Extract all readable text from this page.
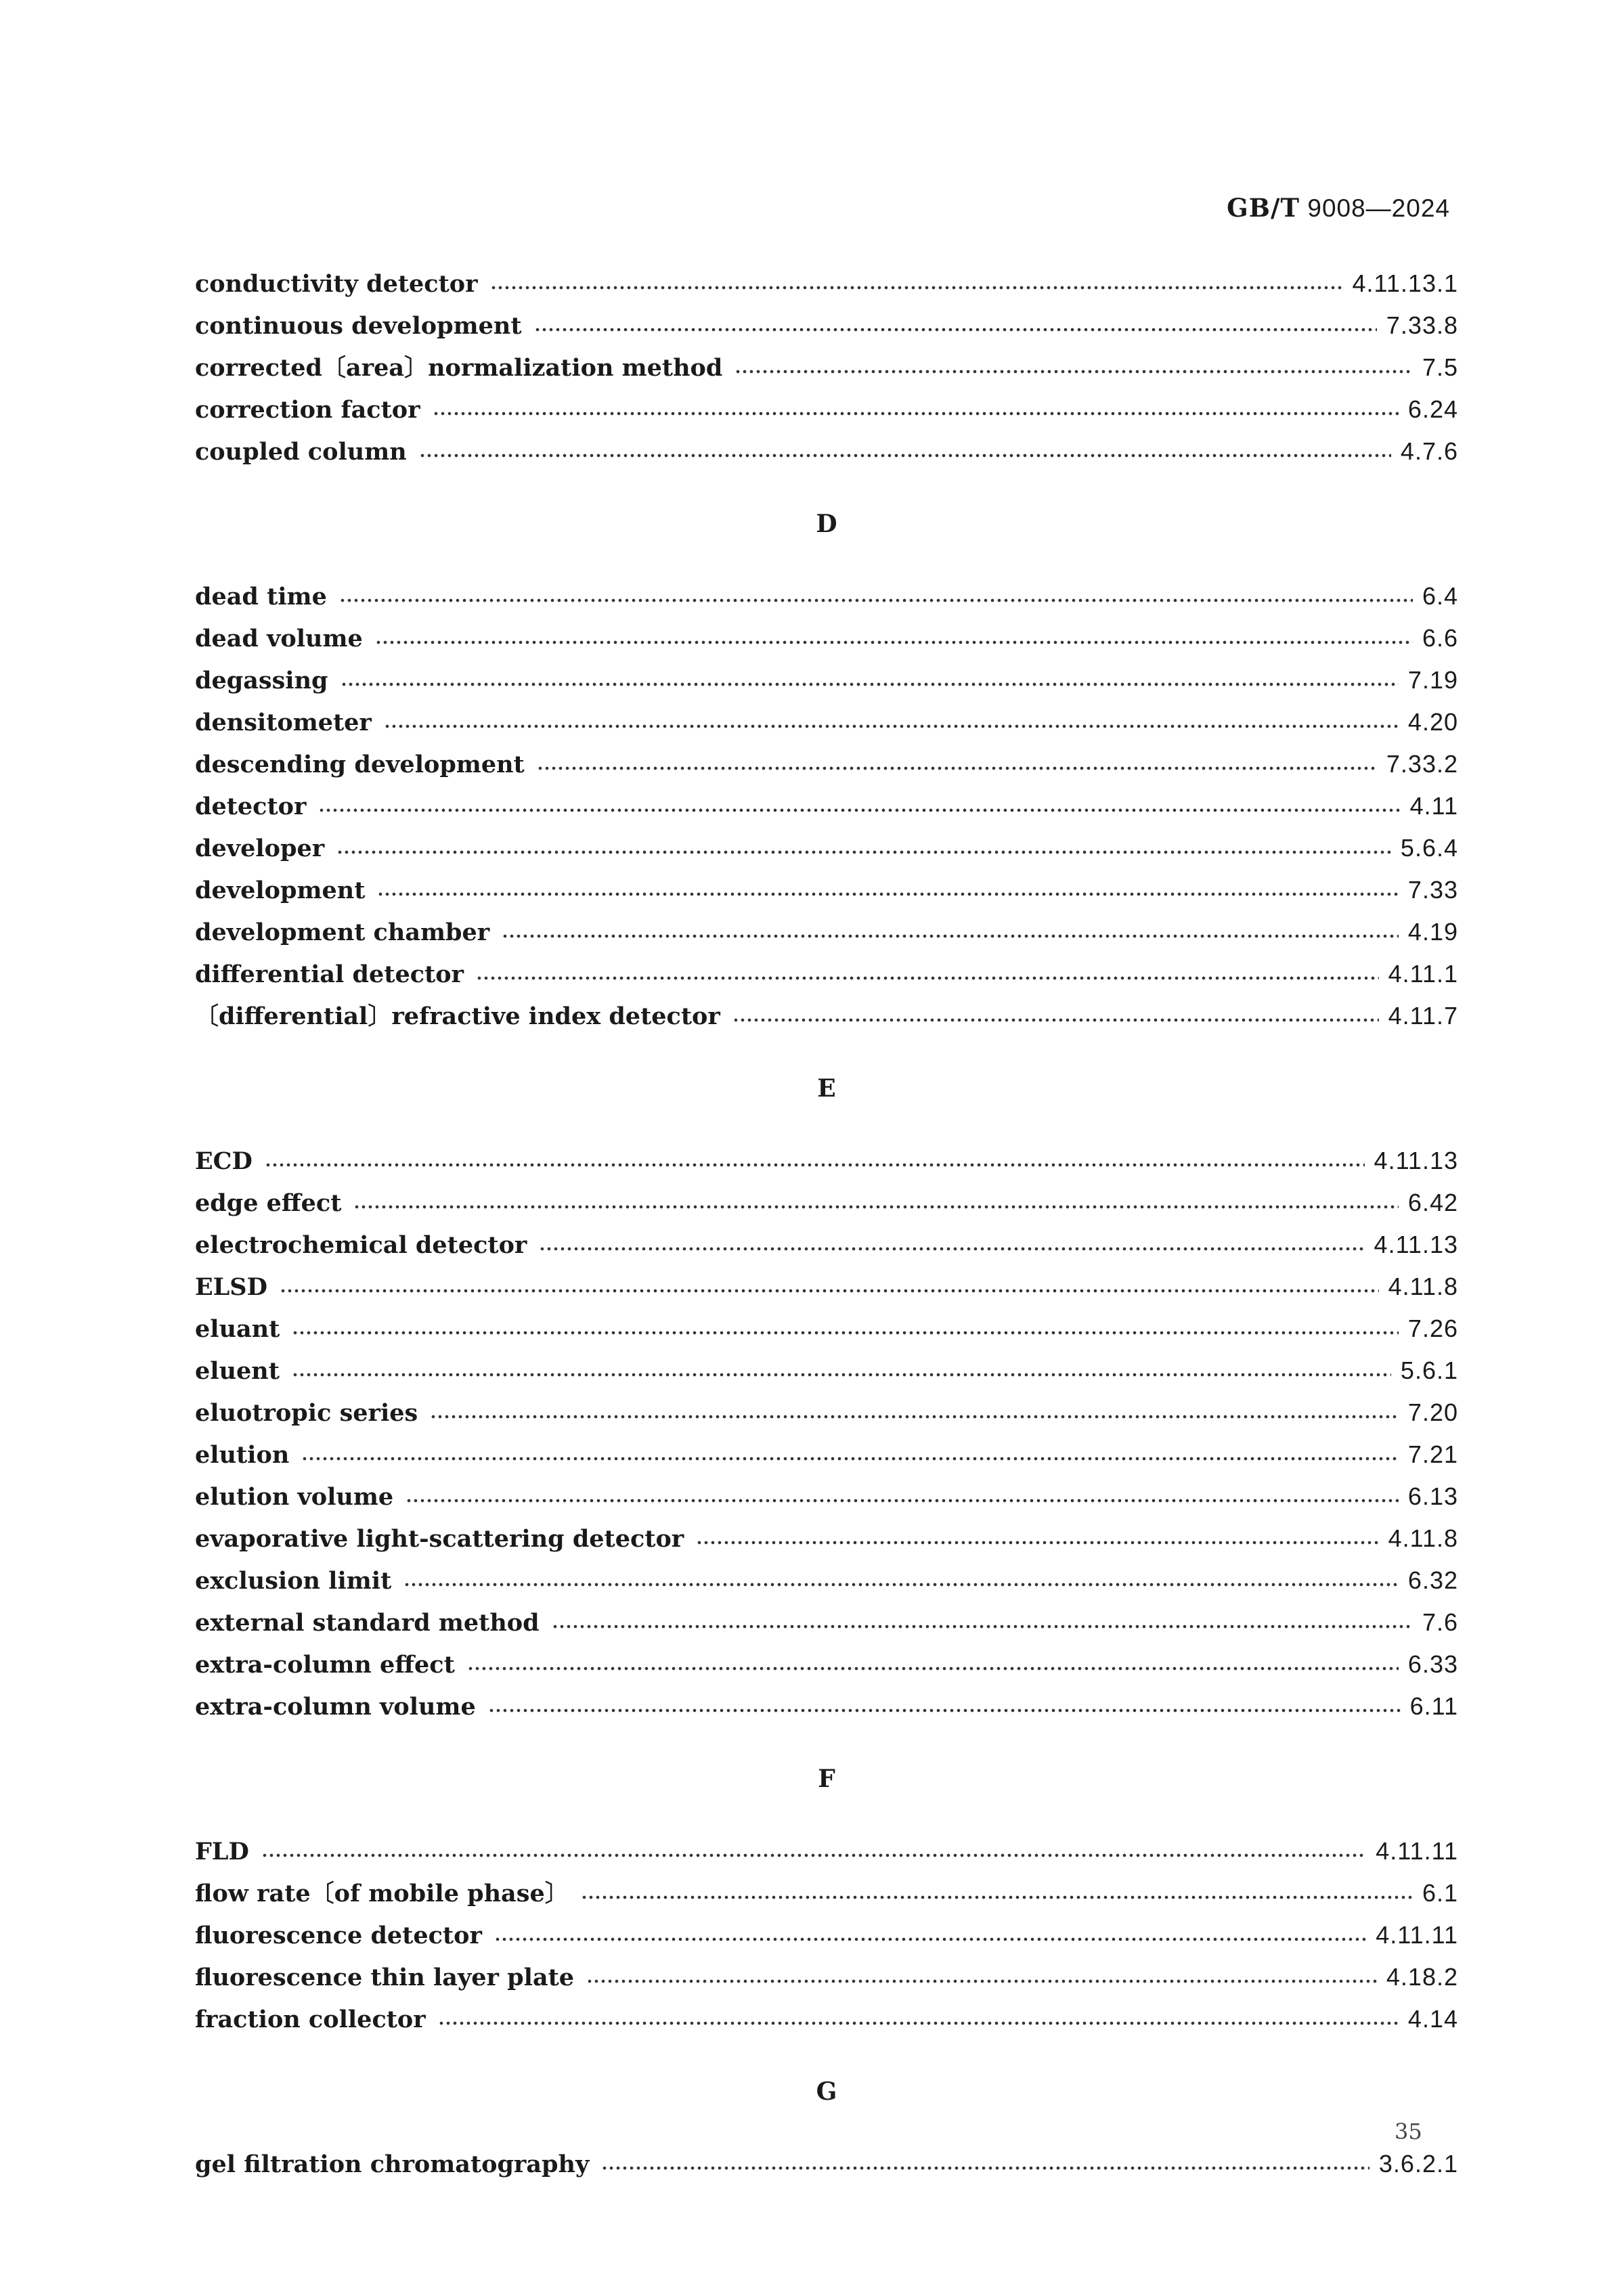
GB/T 9008—2024
conductivity detector	4.11.13.1
continuous development	7.33.8
corrected〔area〕normalization method	7.5
correction factor	6.24
coupled column	4.7.6
D
dead time	6.4
dead volume	6.6
degassing	7.19
densitometer	4.20
descending development	7.33.2
detector	4.11
developer	5.6.4
development	7.33
development chamber	4.19
differential detector	4.11.1
〔differential〕refractive index detector	4.11.7
E
ECD	4.11.13
edge effect	6.42
electrochemical detector	4.11.13
ELSD	4.11.8
eluant	7.26
eluent	5.6.1
eluotropic series	7.20
elution	7.21
elution volume	6.13
evaporative light-scattering detector	4.11.8
exclusion limit	6.32
external standard method	7.6
extra-column effect	6.33
extra-column volume	6.11
F
FLD	4.11.11
flow rate〔of mobile phase〕	6.1
fluorescence detector	4.11.11
fluorescence thin layer plate	4.18.2
fraction collector	4.14
G
gel filtration chromatography	3.6.2.1
35
